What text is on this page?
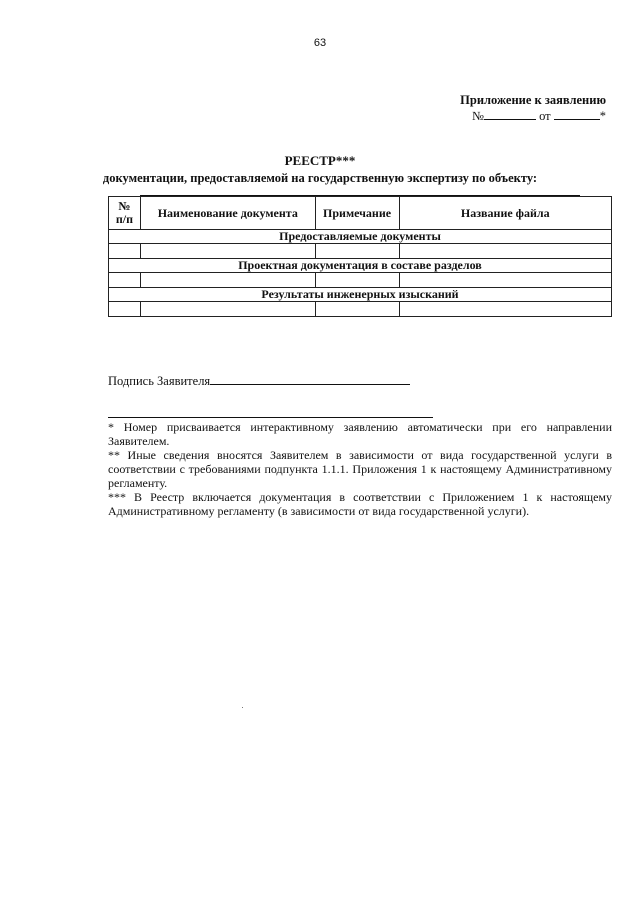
63
Приложение к заявлению
№	от	*
РЕЕСТР***
документации, предоставляемой на государственную экспертизу по объекту:
№
п/п	Наименование документа	Примечание	Название файла
Предоставляемые документы			

Проектная документация в составе разделов			

Результаты инженерных изысканий			

Подпись Заявителя

* Номер присваивается интерактивному заявлению автоматически при его направлении Заявителем.

** Иные сведения вносятся Заявителем в зависимости от вида государственной услуги в соответствии с требованиями подпункта 1.1.1. Приложения 1 к настоящему Административному регламенту.

*** В Реестр включается документация в соответствии с Приложением 1 к настоящему Административному регламенту (в зависимости от вида государственной услуги).
